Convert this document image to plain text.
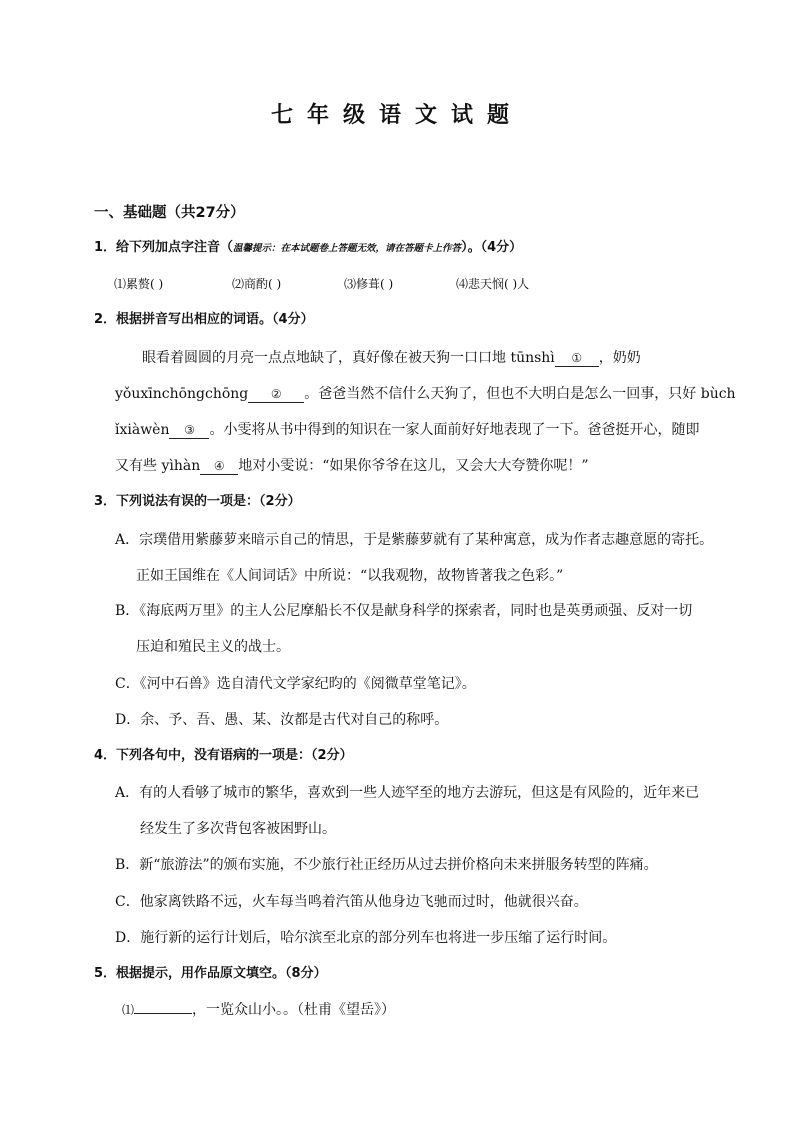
七年级语文试题
一、基础题（共27分）
1．给下列加点字注音（温馨提示：在本试题卷上答题无效，请在答题卡上作答）。（4分）
⑴累赘( )	⑵商酌( )	⑶修葺( )	⑷悲天悯( )人
2．根据拼音写出相应的词语。（4分）
眼看着圆圆的月亮一点点地缺了，真好像在被天狗一口口地 tūnshì ① ，奶奶
yǒuxīnchōngchōng ② 。爸爸当然不信什么天狗了，但也不大明白是怎么一回事，只好 bùch
ǐxiàwèn ③ 。小雯将从书中得到的知识在一家人面前好好地表现了一下。爸爸挺开心，随即
又有些 yìhàn ④ 地对小雯说：“如果你爷爷在这儿，又会大大夸赞你呢！”
3．下列说法有误的一项是：（2分）
A．宗璞借用紫藤萝来暗示自己的情思，于是紫藤萝就有了某种寓意，成为作者志趣意愿的寄托。
正如王国维在《人间词话》中所说：“以我观物，故物皆著我之色彩。”
B．《海底两万里》的主人公尼摩船长不仅是献身科学的探索者，同时也是英勇顽强、反对一切
压迫和殖民主义的战士。
C．《河中石兽》选自清代文学家纪昀的《阅微草堂笔记》。
D．余、予、吾、愚、某、汝都是古代对自己的称呼。
4．下列各句中，没有语病的一项是：（2分）
A．有的人看够了城市的繁华，喜欢到一些人迹罕至的地方去游玩，但这是有风险的，近年来已
经发生了多次背包客被困野山。
B．新“旅游法”的颁布实施，不少旅行社正经历从过去拼价格向未来拼服务转型的阵痛。
C．他家离铁路不远，火车每当鸣着汽笛从他身边飞驰而过时，他就很兴奋。
D．施行新的运行计划后，哈尔滨至北京的部分列车也将进一步压缩了运行时间。
5．根据提示，用作品原文填空。（8分）
⑴	，一览众山小。。（杜甫《望岳》）
